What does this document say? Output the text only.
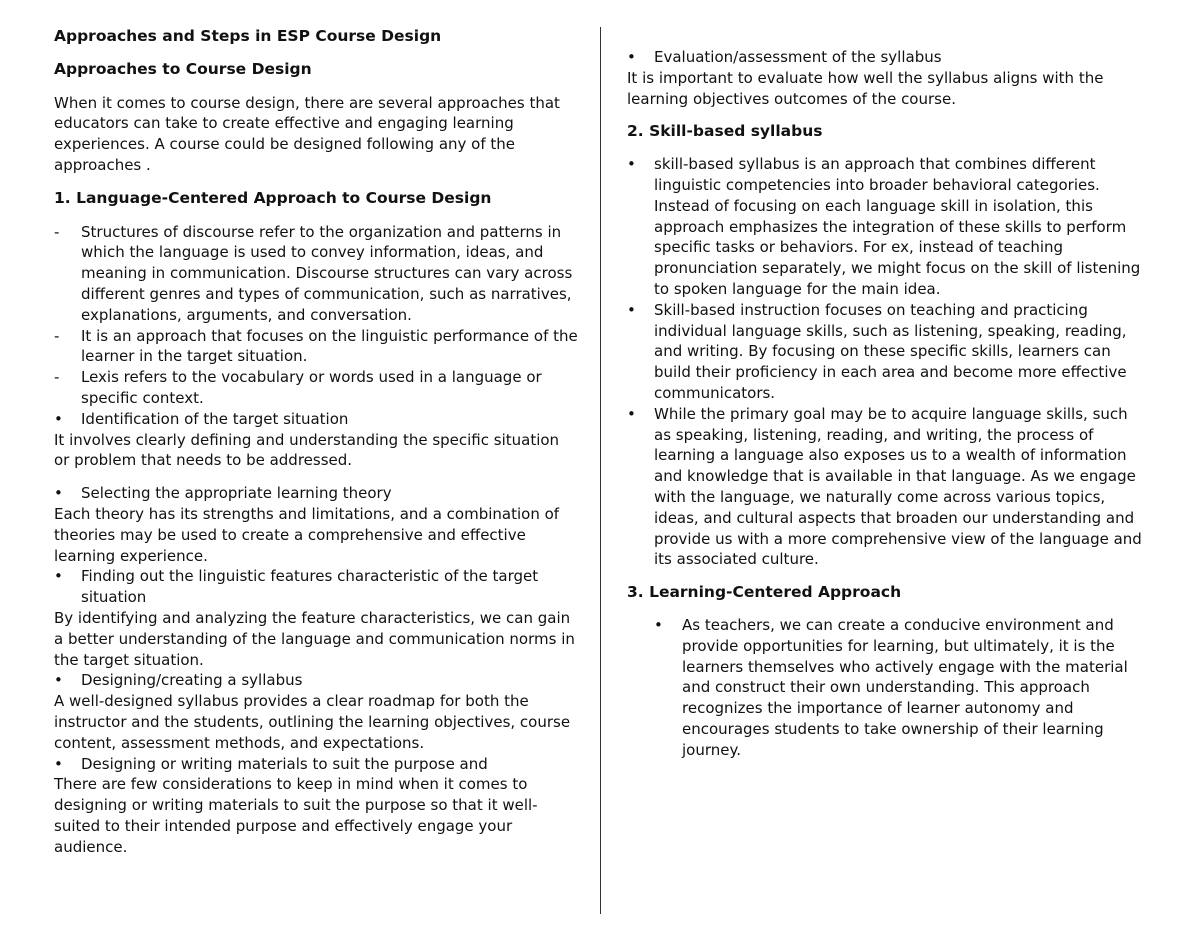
Approaches and Steps in ESP Course Design
Approaches to Course Design

When it comes to course design, there are several approaches that educators can take to create effective and engaging learning experiences. A course could be designed following any of the approaches .

1. Language-Centered Approach to Course Design
-	Structures of discourse refer to the organization and patterns in which the language is used to convey information, ideas, and meaning in communication. Discourse structures can vary across different genres and types of communication, such as narratives, explanations, arguments, and conversation.
-	It is an approach that focuses on the linguistic performance of the learner in the target situation.
-	Lexis refers to the vocabulary or words used in a language or specific context.
•	Identification of the target situation

It involves clearly defining and understanding the specific situation or problem that needs to be addressed.

•	Selecting the appropriate learning theory

Each theory has its strengths and limitations, and a combination of theories may be used to create a comprehensive and effective learning experience.

•	Finding out the linguistic features characteristic of the target situation

By identifying and analyzing the feature characteristics, we can gain a better understanding of the language and communication norms in the target situation.

•	Designing/creating a syllabus

A well-designed syllabus provides a clear roadmap for both the instructor and the students, outlining the learning objectives, course content, assessment methods, and expectations.

•	Designing or writing materials to suit the purpose and

There are few considerations to keep in mind when it comes to designing or writing materials to suit the purpose so that it well-suited to their intended purpose and effectively engage your audience.

•	Evaluation/assessment of the syllabus

It is important to evaluate how well the syllabus aligns with the learning objectives outcomes of the course.

2. Skill-based syllabus
•	skill-based syllabus is an approach that combines different linguistic competencies into broader behavioral categories. Instead of focusing on each language skill in isolation, this approach emphasizes the integration of these skills to perform specific tasks or behaviors. For ex, instead of teaching pronunciation separately, we might focus on the skill of listening to spoken language for the main idea.
•	Skill-based instruction focuses on teaching and practicing individual language skills, such as listening, speaking, reading, and writing. By focusing on these specific skills, learners can build their proficiency in each area and become more effective communicators.
•	While the primary goal may be to acquire language skills, such as speaking, listening, reading, and writing, the process of learning a language also exposes us to a wealth of information and knowledge that is available in that language. As we engage with the language, we naturally come across various topics, ideas, and cultural aspects that broaden our understanding and provide us with a more comprehensive view of the language and its associated culture.
3. Learning-Centered Approach
•	As teachers, we can create a conducive environment and provide opportunities for learning, but ultimately, it is the learners themselves who actively engage with the material and construct their own understanding. This approach recognizes the importance of learner autonomy and encourages students to take ownership of their learning journey.
